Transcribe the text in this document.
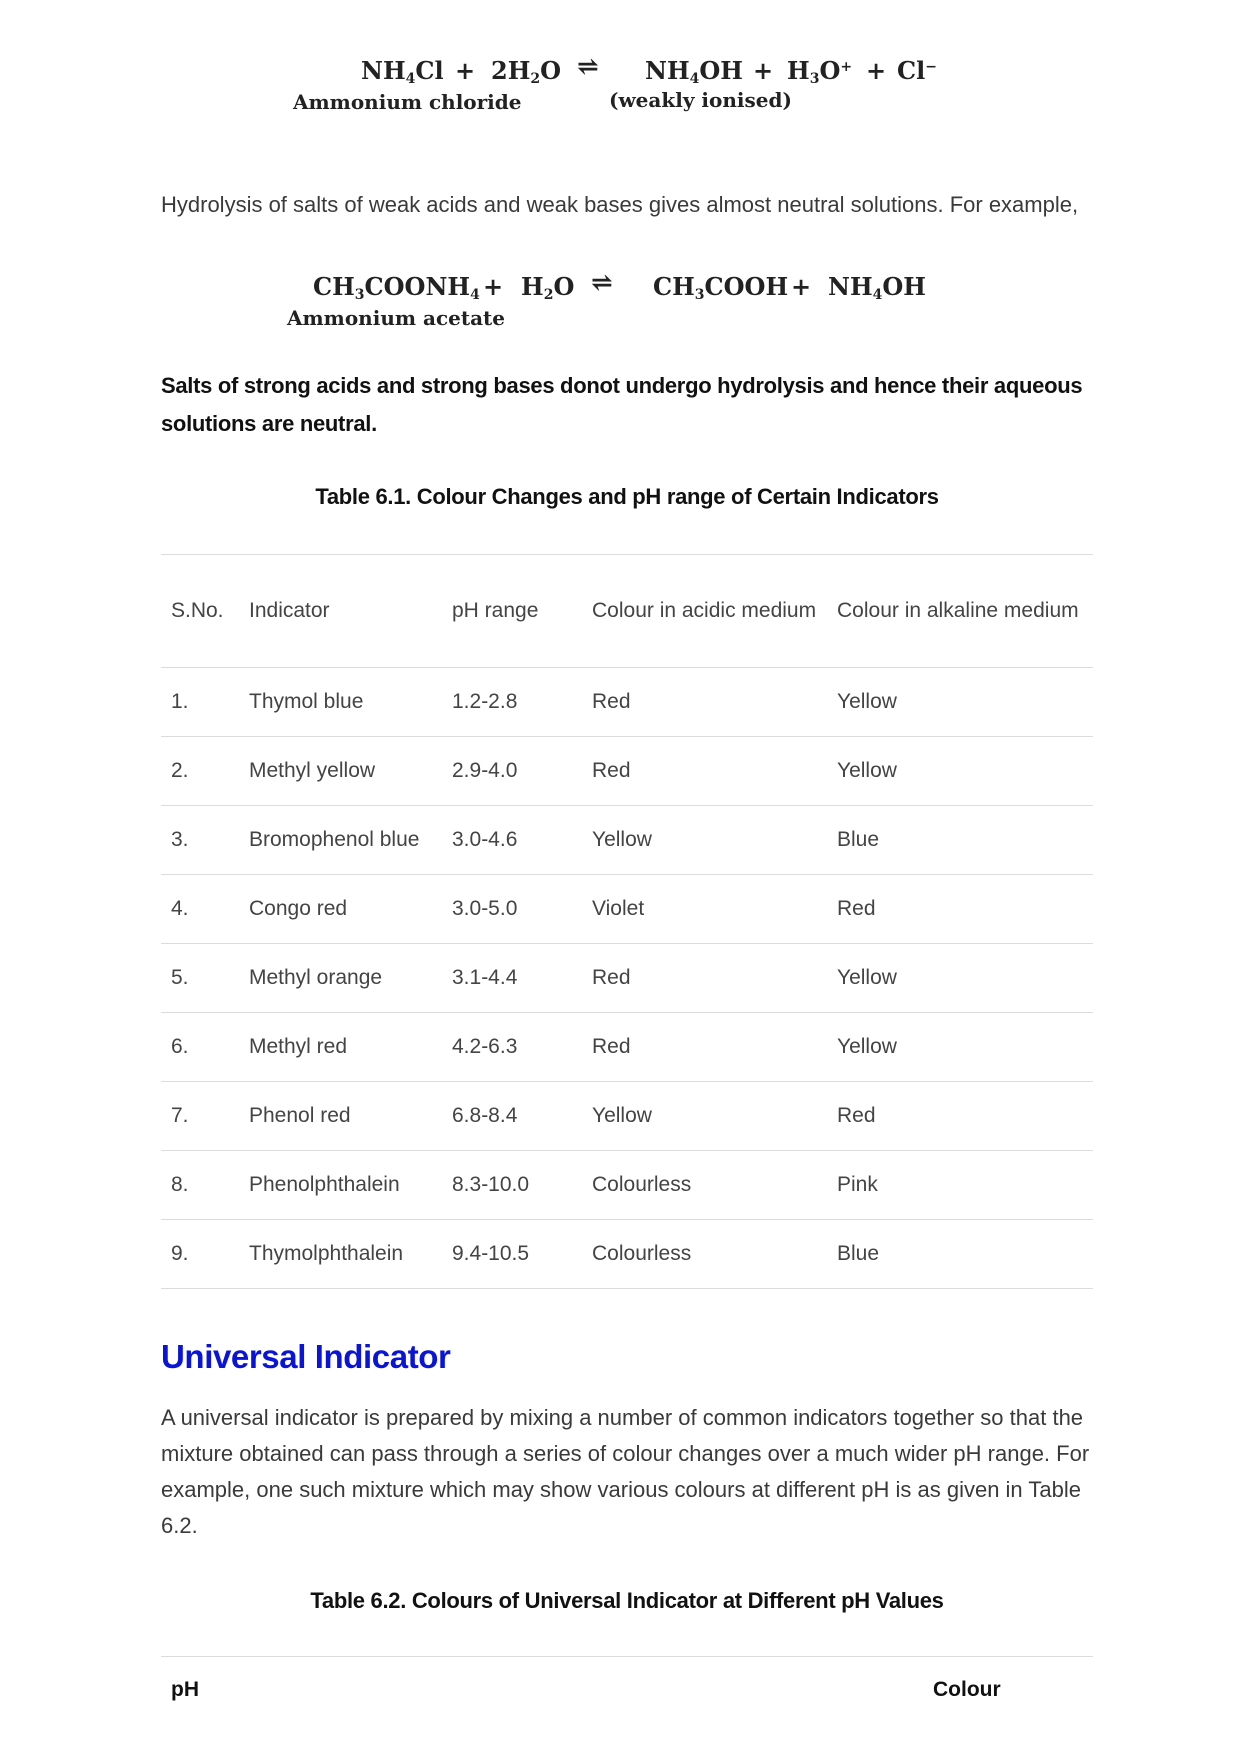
$NH_4Cl + 2H_2O$ ⇌ $NH_4OH + H_3O^+ + Cl^-$
Ammonium chloride	(weakly ionised)

Hydrolysis of salts of weak acids and weak bases gives almost neutral solutions. For example,

$CH_3COONH_4 + H_2O$ ⇌ $CH_3COOH + NH_4OH$
Ammonium acetate

Salts of strong acids and strong bases donot undergo hydrolysis and hence their aqueous solutions are neutral.

Table 6.1. Colour Changes and pH range of Certain Indicators
S.No.	Indicator	pH range	Colour in acidic medium	Colour in alkaline medium
1.	Thymol blue	1.2-2.8	Red	Yellow
2.	Methyl yellow	2.9-4.0	Red	Yellow
3.	Bromophenol blue	3.0-4.6	Yellow	Blue
4.	Congo red	3.0-5.0	Violet	Red
5.	Methyl orange	3.1-4.4	Red	Yellow
6.	Methyl red	4.2-6.3	Red	Yellow
7.	Phenol red	6.8-8.4	Yellow	Red
8.	Phenolphthalein	8.3-10.0	Colourless	Pink
9.	Thymolphthalein	9.4-10.5	Colourless	Blue
Universal Indicator

A universal indicator is prepared by mixing a number of common indicators together so that the mixture obtained can pass through a series of colour changes over a much wider pH range. For example, one such mixture which may show various colours at different pH is as given in Table 6.2.

Table 6.2. Colours of Universal Indicator at Different pH Values
pH	Colour
